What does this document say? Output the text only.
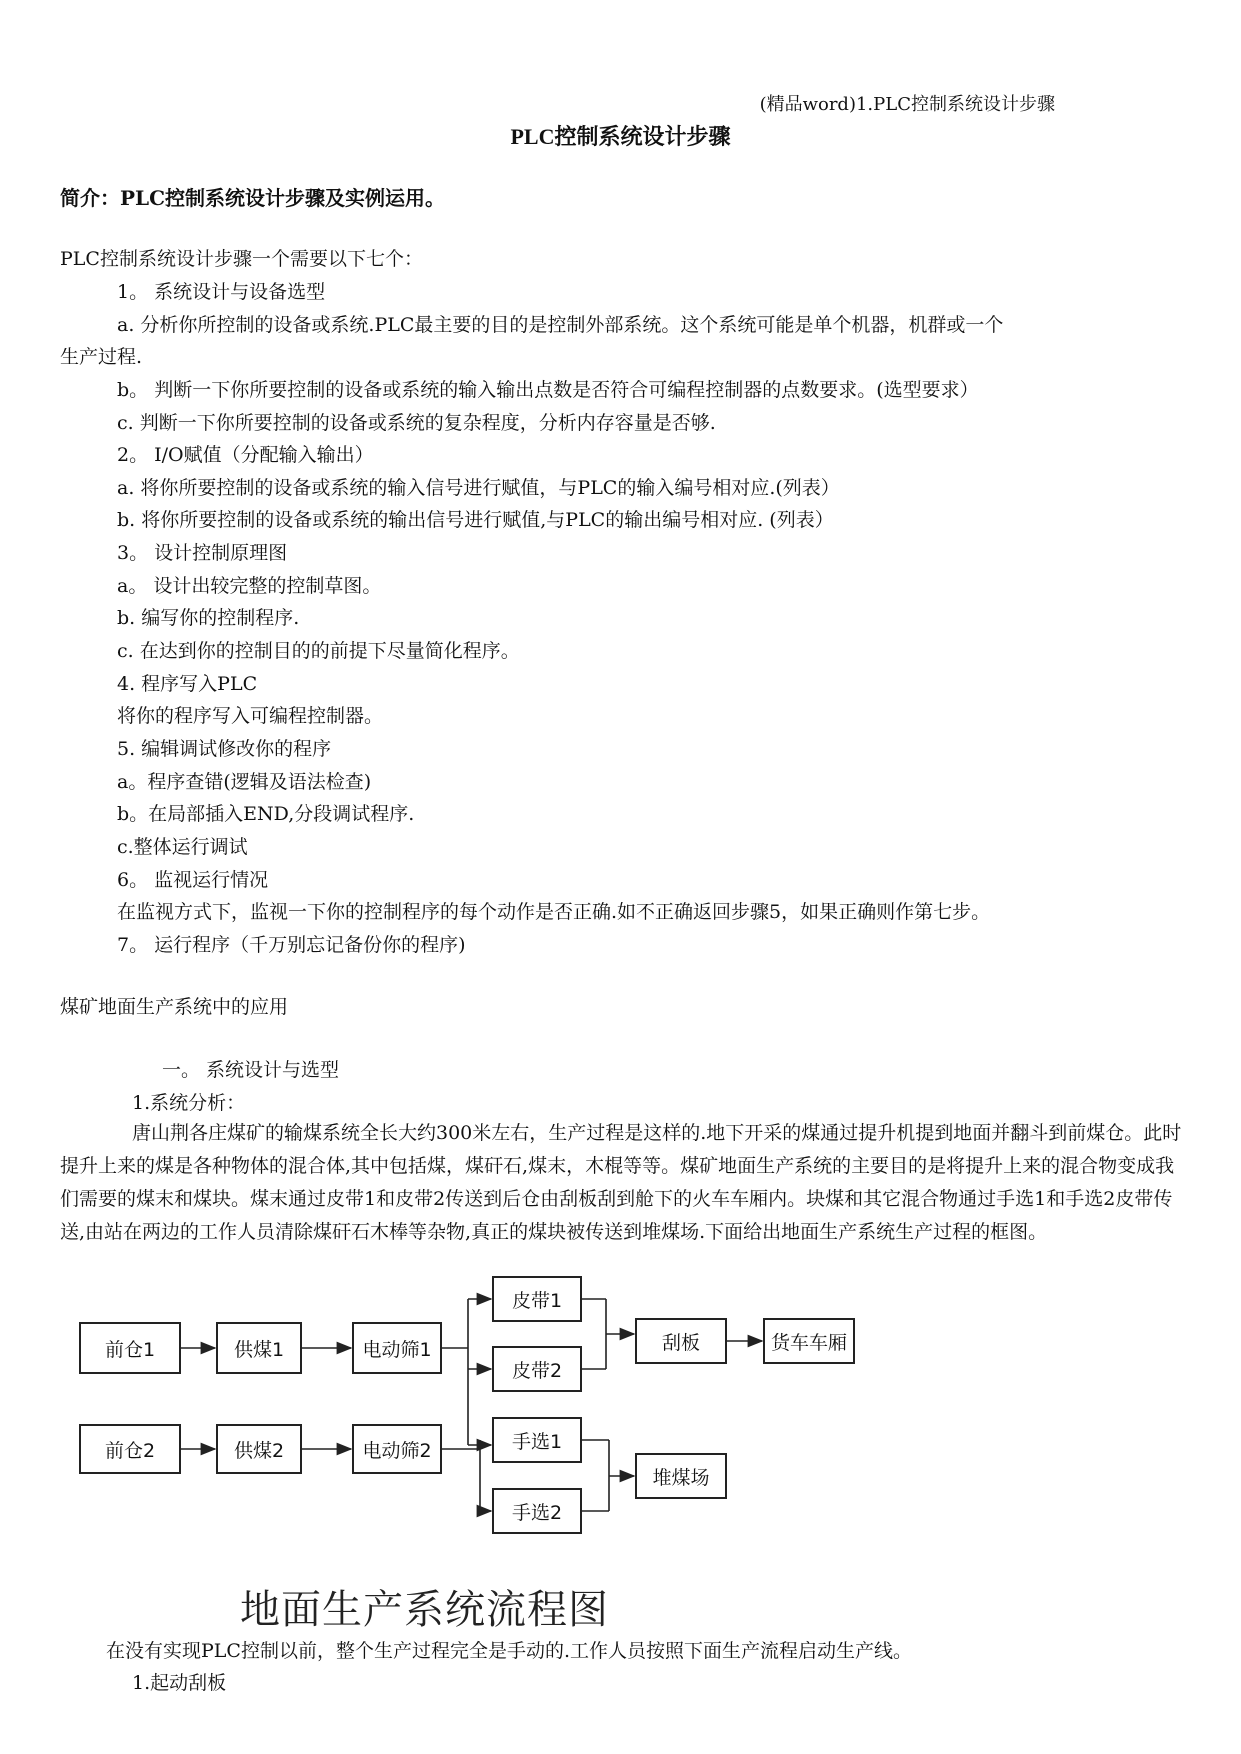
(精品word)1.PLC控制系统设计步骤
PLC控制系统设计步骤
简介：PLC控制系统设计步骤及实例运用。
PLC控制系统设计步骤一个需要以下七个：
1。 系统设计与设备选型
a. 分析你所控制的设备或系统.PLC最主要的目的是控制外部系统。这个系统可能是单个机器，机群或一个
生产过程.
b。 判断一下你所要控制的设备或系统的输入输出点数是否符合可编程控制器的点数要求。(选型要求）
c. 判断一下你所要控制的设备或系统的复杂程度，分析内存容量是否够.
2。 I/O赋值（分配输入输出）
a. 将你所要控制的设备或系统的输入信号进行赋值，与PLC的输入编号相对应.(列表）
b. 将你所要控制的设备或系统的输出信号进行赋值,与PLC的输出编号相对应. (列表）
3。 设计控制原理图
a。 设计出较完整的控制草图。
b. 编写你的控制程序.
c. 在达到你的控制目的的前提下尽量简化程序。
4. 程序写入PLC
将你的程序写入可编程控制器。
5. 编辑调试修改你的程序
a。程序查错(逻辑及语法检查)
b。在局部插入END,分段调试程序.
c.整体运行调试
6。 监视运行情况
在监视方式下，监视一下你的控制程序的每个动作是否正确.如不正确返回步骤5，如果正确则作第七步。
7。 运行程序（千万别忘记备份你的程序)
煤矿地面生产系统中的应用
一。 系统设计与选型
1.系统分析：
唐山荆各庄煤矿的输煤系统全长大约300米左右，生产过程是这样的.地下开采的煤通过提升机提到地面并翻斗到前煤仓。此时提升上来的煤是各种物体的混合体,其中包括煤，煤矸石,煤末，木棍等等。煤矿地面生产系统的主要目的是将提升上来的混合物变成我们需要的煤末和煤块。煤末通过皮带1和皮带2传送到后仓由刮板刮到舱下的火车车厢内。块煤和其它混合物通过手选1和手选2皮带传送,由站在两边的工作人员清除煤矸石木棒等杂物,真正的煤块被传送到堆煤场.下面给出地面生产系统生产过程的框图。
前仓1	供煤1	电动筛1
前仓2	供煤2	电动筛2
皮带1
皮带2
手选1
手选2
刮板	货车车厢
堆煤场
地面生产系统流程图
在没有实现PLC控制以前，整个生产过程完全是手动的.工作人员按照下面生产流程启动生产线。
1.起动刮板
